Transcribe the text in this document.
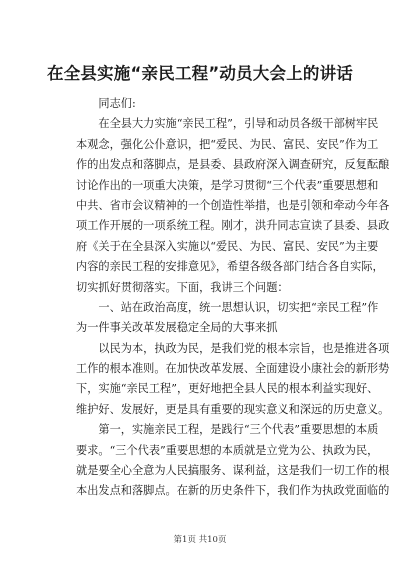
在全县实施“亲民工程”动员大会上的讲话
　　同志们:
　　在全县大力实施“亲民工程”，引导和动员各级干部树牢民
本观念，强化公仆意识，把“爱民、为民、富民、安民”作为工
作的出发点和落脚点，是县委、县政府深入调查研究，反复酝酿
讨论作出的一项重大决策，是学习贯彻“三个代表”重要思想和
中共、省市会议精神的一个创造性举措，也是引领和牵动今年各
项工作开展的一项系统工程。刚才，洪升同志宣读了县委、县政
府《关于在全县深入实施以“爱民、为民、富民、安民”为主要
内容的亲民工程的安排意见》，希望各级各部门结合各自实际，
切实抓好贯彻落实。下面，我讲三个问题：
　　一、站在政治高度，统一思想认识，切实把“亲民工程”作
为一件事关改革发展稳定全局的大事来抓
　　以民为本，执政为民，是我们党的根本宗旨，也是推进各项
工作的根本准则。在加快改革发展、全面建设小康社会的新形势
下，实施“亲民工程”，更好地把全县人民的根本利益实现好、
维护好、发展好，更是具有重要的现实意义和深远的历史意义。
　　第一，实施亲民工程，是践行“三个代表”重要思想的本质
要求。“三个代表”重要思想的本质就是立党为公、执政为民，
就是要全心全意为人民搞服务、谋利益，这是我们一切工作的根
本出发点和落脚点。在新的历史条件下，我们作为执政党面临的
第1页 共10页
